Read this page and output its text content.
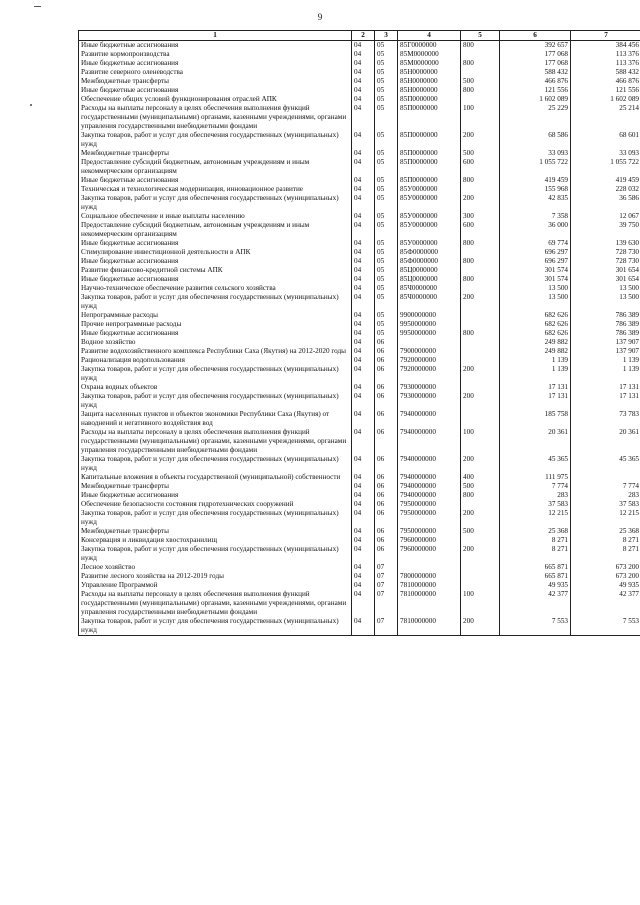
9
1	2	3	4	5	6	7
Иные бюджетные ассигнования	04	05	85Г0000000	800	392 657	384 456
Развитие кормопроизводства	04	05	85М0000000		177 068	113 376
Иные бюджетные ассигнования	04	05	85М0000000	800	177 068	113 376
Развитие северного оленеводства	04	05	85Н0000000		588 432	588 432
Межбюджетные трансферты	04	05	85Н0000000	500	466 876	466 876
Иные бюджетные ассигнования	04	05	85Н0000000	800	121 556	121 556
Обеспечение общих условий функционирования отраслей АПК	04	05	85П0000000		1 602 089	1 602 089
Расходы на выплаты персоналу в целях обеспечения выполнения функций государственными (муниципальными) органами, казенными учреждениями, органами управления государственными внебюджетными фондами	04	05	85П0000000	100	25 229	25 214
Закупка товаров, работ и услуг для обеспечения государственных (муниципальных) нужд	04	05	85П0000000	200	68 586	68 601
Межбюджетные трансферты	04	05	85П0000000	500	33 093	33 093
Предоставление субсидий бюджетным, автономным учреждениям и иным некоммерческим организациям	04	05	85П0000000	600	1 055 722	1 055 722
Иные бюджетные ассигнования	04	05	85П0000000	800	419 459	419 459
Техническая и технологическая модернизация, инновационное развитие	04	05	85У0000000		155 968	228 032
Закупка товаров, работ и услуг для обеспечения государственных (муниципальных) нужд	04	05	85У0000000	200	42 835	36 586
Социальное обеспечение и иные выплаты населению	04	05	85У0000000	300	7 358	12 067
Предоставление субсидий бюджетным, автономным учреждениям и иным некоммерческим организациям	04	05	85У0000000	600	36 000	39 750
Иные бюджетные ассигнования	04	05	85У0000000	800	69 774	139 630
Стимулирование инвестиционной деятельности в АПК	04	05	85Ф0000000		696 297	728 730
Иные бюджетные ассигнования	04	05	85Ф0000000	800	696 297	728 730
Развитие финансово-кредитной системы АПК	04	05	85Ц0000000		301 574	301 654
Иные бюджетные ассигнования	04	05	85Ц0000000	800	301 574	301 654
Научно-техническое обеспечение развития сельского хозяйства	04	05	85Ч0000000		13 500	13 500
Закупка товаров, работ и услуг для обеспечения государственных (муниципальных) нужд	04	05	85Ч0000000	200	13 500	13 500
Непрограммные расходы	04	05	9900000000		682 626	786 389
Прочие непрограммные расходы	04	05	9950000000		682 626	786 389
Иные бюджетные ассигнования	04	05	9950000000	800	682 626	786 389
Водное хозяйство	04	06			249 882	137 907
Развитие водохозяйственного комплекса Республики Саха (Якутия) на 2012-2020 годы	04	06	7900000000		249 882	137 907
Рационализация водопользования	04	06	7920000000		1 139	1 139
Закупка товаров, работ и услуг для обеспечения государственных (муниципальных) нужд	04	06	7920000000	200	1 139	1 139
Охрана водных объектов	04	06	7930000000		17 131	17 131
Закупка товаров, работ и услуг для обеспечения государственных (муниципальных) нужд	04	06	7930000000	200	17 131	17 131
Защита населенных пунктов и объектов экономики Республики Саха (Якутия) от наводнений и негативного воздействия вод	04	06	7940000000		185 758	73 783
Расходы на выплаты персоналу в целях обеспечения выполнения функций государственными (муниципальными) органами, казенными учреждениями, органами управления государственными внебюджетными фондами	04	06	7940000000	100	20 361	20 361
Закупка товаров, работ и услуг для обеспечения государственных (муниципальных) нужд	04	06	7940000000	200	45 365	45 365
Капитальные вложения в объекты государственной (муниципальной) собственности	04	06	7940000000	400	111 975	
Межбюджетные трансферты	04	06	7940000000	500	7 774	7 774
Иные бюджетные ассигнования	04	06	7940000000	800	283	283
Обеспечение безопасности состояния гидротехнических сооружений	04	06	7950000000		37 583	37 583
Закупка товаров, работ и услуг для обеспечения государственных (муниципальных) нужд	04	06	7950000000	200	12 215	12 215
Межбюджетные трансферты	04	06	7950000000	500	25 368	25 368
Консервация и ликвидация хвостохранилищ	04	06	7960000000		8 271	8 271
Закупка товаров, работ и услуг для обеспечения государственных (муниципальных) нужд	04	06	7960000000	200	8 271	8 271
Лесное хозяйство	04	07			665 871	673 200
Развитие лесного хозяйства на 2012-2019 годы	04	07	7800000000		665 871	673 200
Управление Программой	04	07	7810000000		49 935	49 935
Расходы на выплаты персоналу в целях обеспечения выполнения функций государственными (муниципальными) органами, казенными учреждениями, органами управления государственными внебюджетными фондами	04	07	7810000000	100	42 377	42 377
Закупка товаров, работ и услуг для обеспечения государственных (муниципальных) нужд	04	07	7810000000	200	7 553	7 553
